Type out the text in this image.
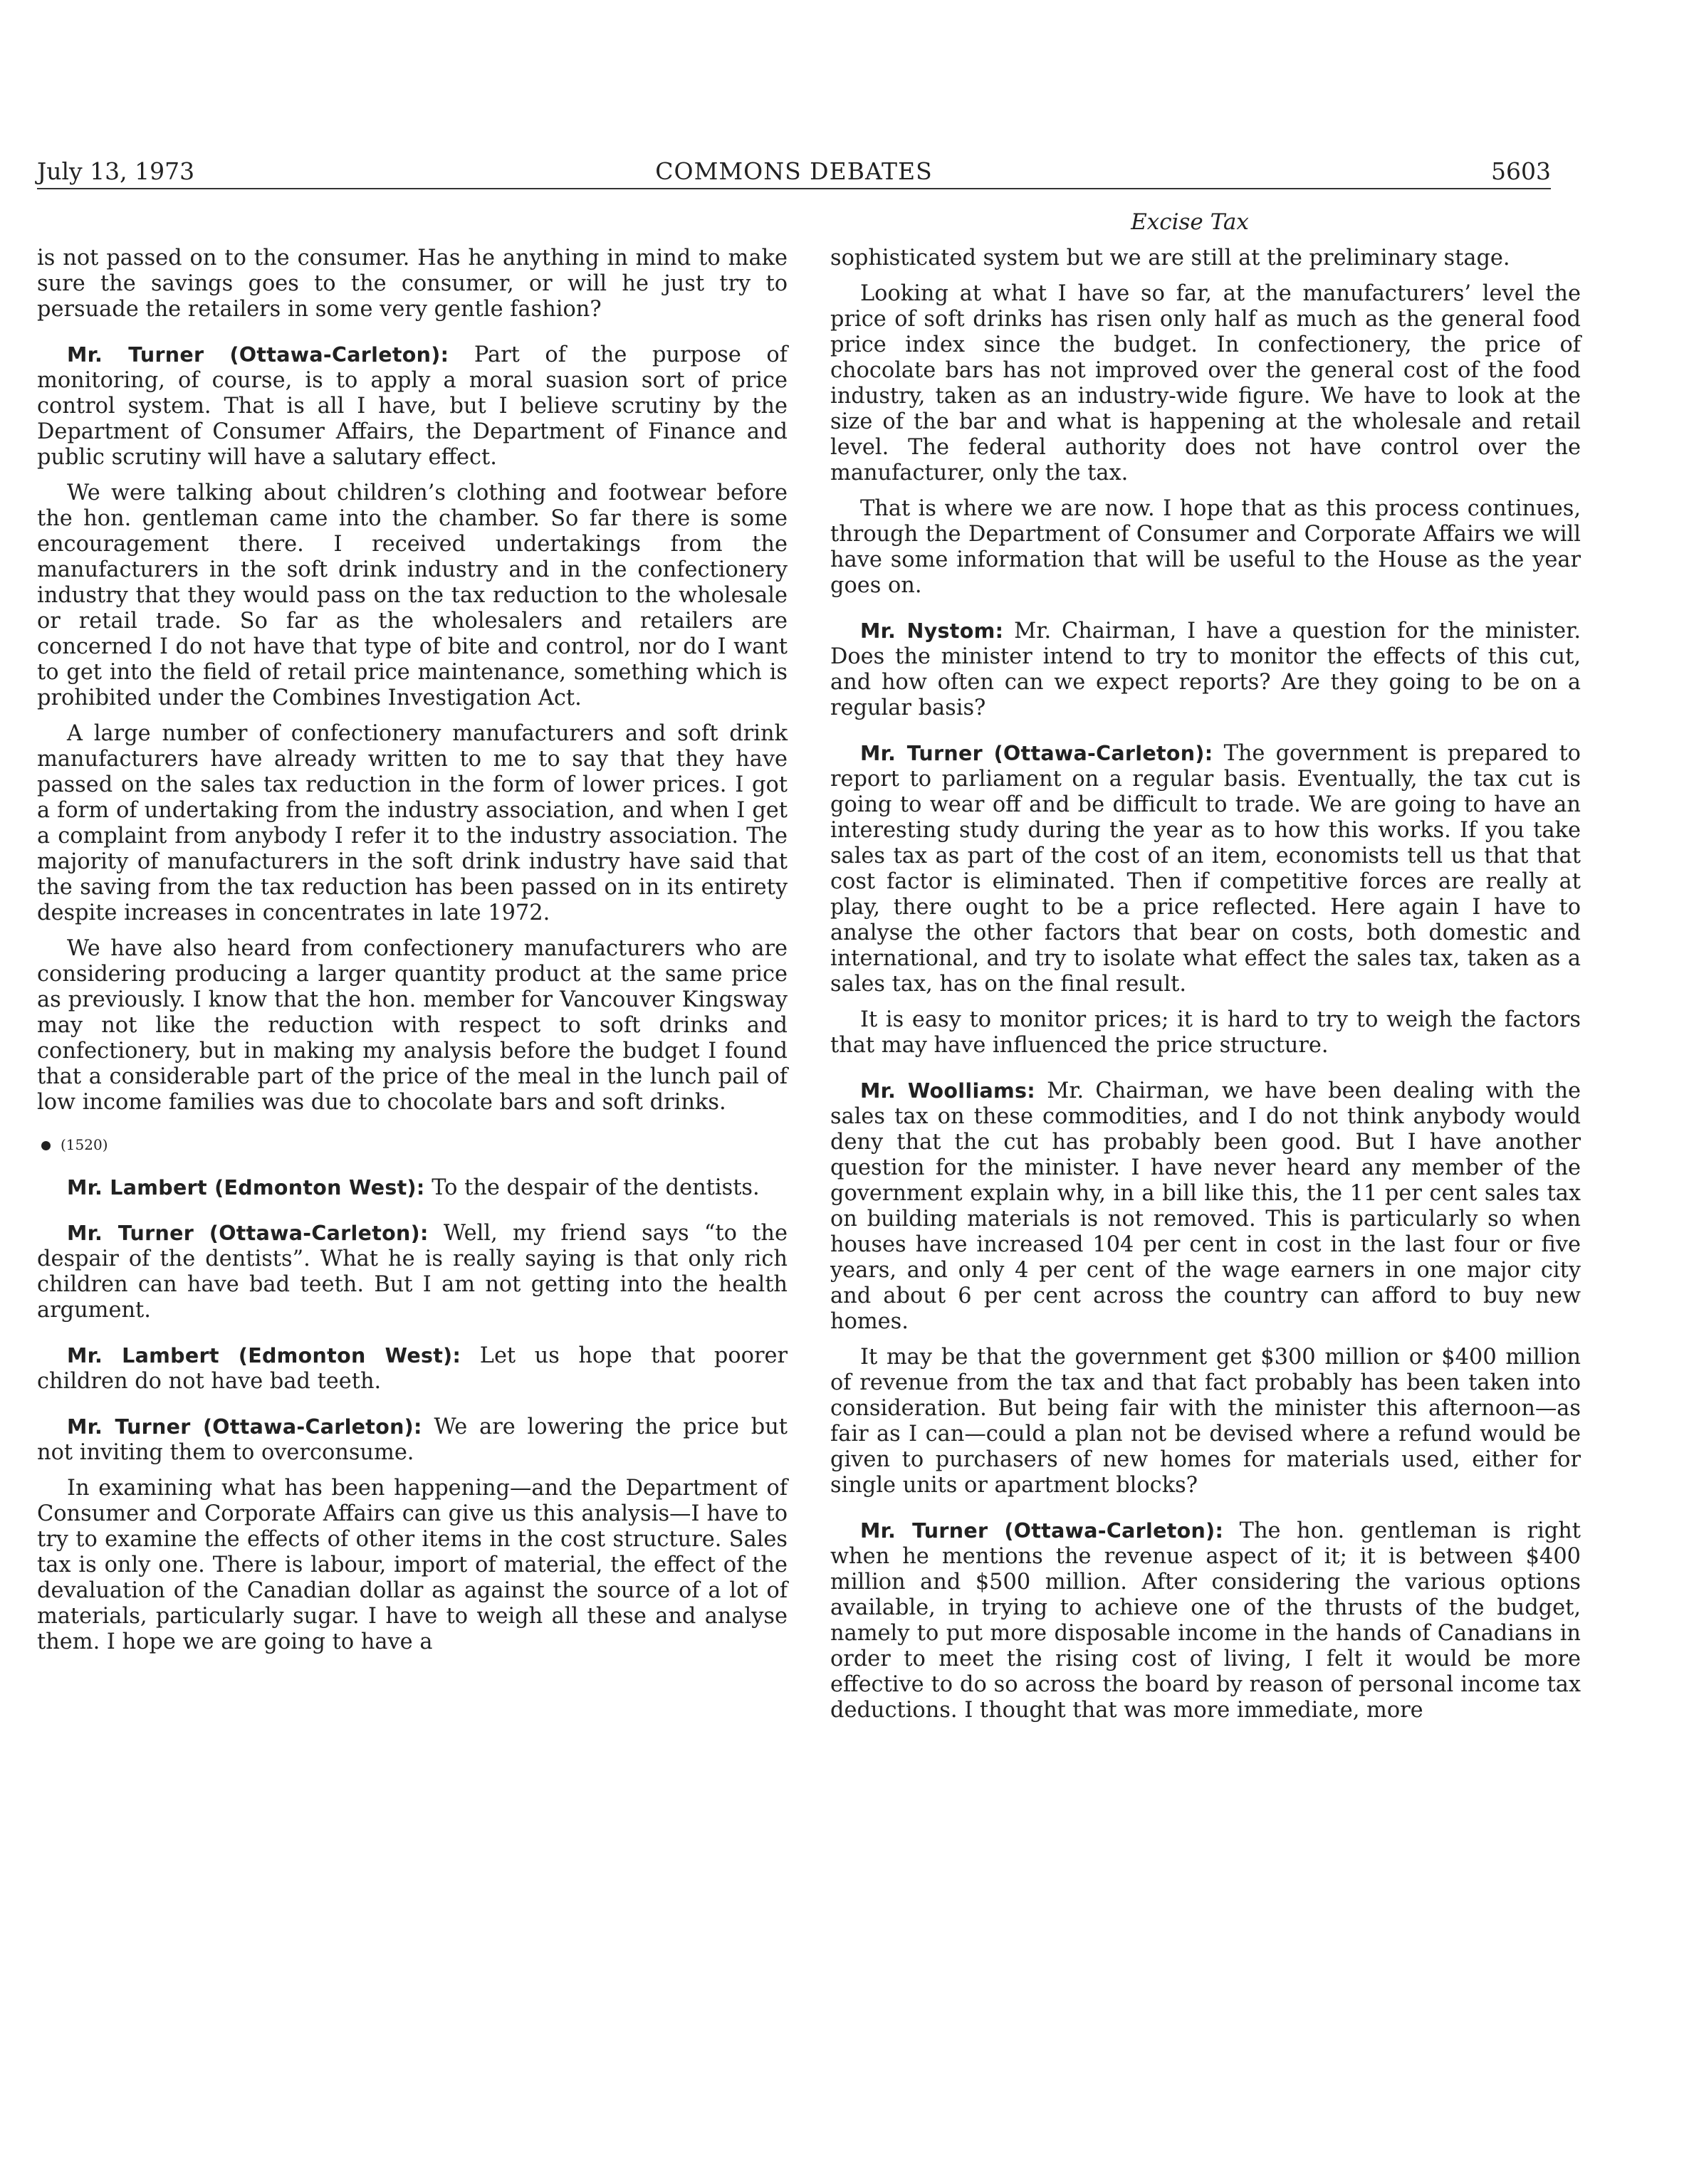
July 13, 1973	COMMONS DEBATES	5603
Excise Tax

is not passed on to the consumer. Has he anything in mind to make sure the savings goes to the consumer, or will he just try to persuade the retailers in some very gentle fashion?

Mr. Turner (Ottawa-Carleton): Part of the purpose of monitoring, of course, is to apply a moral suasion sort of price control system. That is all I have, but I believe scrutiny by the Department of Consumer Affairs, the Department of Finance and public scrutiny will have a salutary effect.

We were talking about children’s clothing and footwear before the hon. gentleman came into the chamber. So far there is some encouragement there. I received undertakings from the manufacturers in the soft drink industry and in the confectionery industry that they would pass on the tax reduction to the wholesale or retail trade. So far as the wholesalers and retailers are concerned I do not have that type of bite and control, nor do I want to get into the field of retail price maintenance, something which is prohibited under the Combines Investigation Act.

A large number of confectionery manufacturers and soft drink manufacturers have already written to me to say that they have passed on the sales tax reduction in the form of lower prices. I got a form of undertaking from the industry association, and when I get a complaint from anybody I refer it to the industry association. The majority of manufacturers in the soft drink industry have said that the saving from the tax reduction has been passed on in its entirety despite increases in concentrates in late 1972.

We have also heard from confectionery manufacturers who are considering producing a larger quantity product at the same price as previously. I know that the hon. member for Vancouver Kingsway may not like the reduction with respect to soft drinks and confectionery, but in making my analysis before the budget I found that a considerable part of the price of the meal in the lunch pail of low income families was due to chocolate bars and soft drinks.

(1520)

Mr. Lambert (Edmonton West): To the despair of the dentists.

Mr. Turner (Ottawa-Carleton): Well, my friend says “to the despair of the dentists”. What he is really saying is that only rich children can have bad teeth. But I am not getting into the health argument.

Mr. Lambert (Edmonton West): Let us hope that poorer children do not have bad teeth.

Mr. Turner (Ottawa-Carleton): We are lowering the price but not inviting them to overconsume.

In examining what has been happening—and the Department of Consumer and Corporate Affairs can give us this analysis—I have to try to examine the effects of other items in the cost structure. Sales tax is only one. There is labour, import of material, the effect of the devaluation of the Canadian dollar as against the source of a lot of materials, particularly sugar. I have to weigh all these and analyse them. I hope we are going to have a

sophisticated system but we are still at the preliminary stage.

Looking at what I have so far, at the manufacturers’ level the price of soft drinks has risen only half as much as the general food price index since the budget. In confectionery, the price of chocolate bars has not improved over the general cost of the food industry, taken as an industry-wide figure. We have to look at the size of the bar and what is happening at the wholesale and retail level. The federal authority does not have control over the manufacturer, only the tax.

That is where we are now. I hope that as this process continues, through the Department of Consumer and Corporate Affairs we will have some information that will be useful to the House as the year goes on.

Mr. Nystom: Mr. Chairman, I have a question for the minister. Does the minister intend to try to monitor the effects of this cut, and how often can we expect reports? Are they going to be on a regular basis?

Mr. Turner (Ottawa-Carleton): The government is prepared to report to parliament on a regular basis. Eventually, the tax cut is going to wear off and be difficult to trade. We are going to have an interesting study during the year as to how this works. If you take sales tax as part of the cost of an item, economists tell us that that cost factor is eliminated. Then if competitive forces are really at play, there ought to be a price reflected. Here again I have to analyse the other factors that bear on costs, both domestic and international, and try to isolate what effect the sales tax, taken as a sales tax, has on the final result.

It is easy to monitor prices; it is hard to try to weigh the factors that may have influenced the price structure.

Mr. Woolliams: Mr. Chairman, we have been dealing with the sales tax on these commodities, and I do not think anybody would deny that the cut has probably been good. But I have another question for the minister. I have never heard any member of the government explain why, in a bill like this, the 11 per cent sales tax on building materials is not removed. This is particularly so when houses have increased 104 per cent in cost in the last four or five years, and only 4 per cent of the wage earners in one major city and about 6 per cent across the country can afford to buy new homes.

It may be that the government get $300 million or $400 million of revenue from the tax and that fact probably has been taken into consideration. But being fair with the minister this afternoon—as fair as I can—could a plan not be devised where a refund would be given to purchasers of new homes for materials used, either for single units or apartment blocks?

Mr. Turner (Ottawa-Carleton): The hon. gentleman is right when he mentions the revenue aspect of it; it is between $400 million and $500 million. After considering the various options available, in trying to achieve one of the thrusts of the budget, namely to put more disposable income in the hands of Canadians in order to meet the rising cost of living, I felt it would be more effective to do so across the board by reason of personal income tax deductions. I thought that was more immediate, more
